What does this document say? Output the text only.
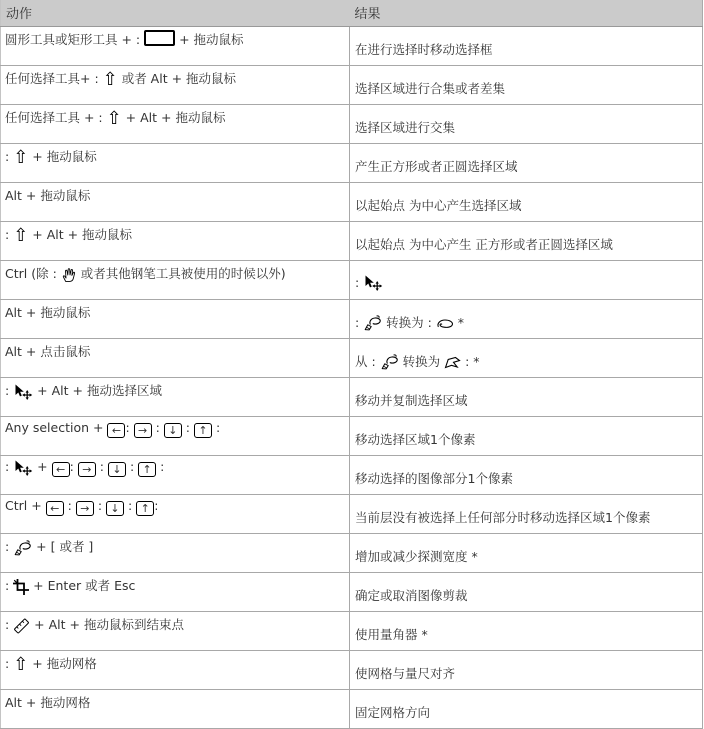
动作	结果
圆形工具或矩形工具 + :  + 拖动鼠标	在进行选择时移动选择框
任何选择工具+ : ⇧ 或者 Alt + 拖动鼠标	选择区域进行合集或者差集
任何选择工具 + : ⇧ + Alt + 拖动鼠标	选择区域进行交集
: ⇧ + 拖动鼠标	产生正方形或者正圆选择区域
Alt + 拖动鼠标	以起始点 为中心产生选择区域
: ⇧ + Alt + 拖动鼠标	以起始点 为中心产生 正方形或者正圆选择区域
Ctrl (除 :  或者其他钢笔工具被使用的时候以外)	:
Alt + 拖动鼠标	:  转换为 :  *
Alt + 点击鼠标	从 :  转换为  : *
:  + Alt + 拖动选择区域	移动并复制选择区域
Any selection + ← : → : ↓ : ↑ :	移动选择区域1个像素
:  + ← : → : ↓ : ↑ :	移动选择的图像部分1个像素
Ctrl + ← : → : ↓ : ↑ :	当前层没有被选择上任何部分时移动选择区域1个像素
:  + [ 或者 ]	增加或减少探测宽度 *
:  + Enter 或者 Esc	确定或取消图像剪裁
:  + Alt + 拖动鼠标到结束点	使用量角器 *
: ⇧ + 拖动网格	使网格与量尺对齐
Alt + 拖动网格	固定网格方向
